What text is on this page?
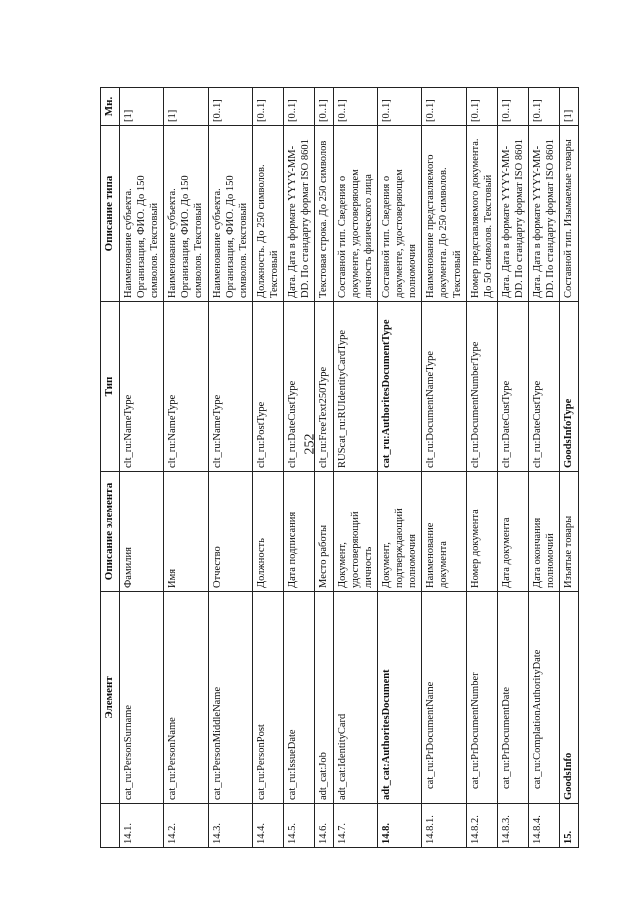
252
	Элемент	Описание элемента	Тип	Описание типа	Мн.
14.1.	cat_ru:PersonSurname	Фамилия	clt_ru:NameType	Наименование субъекта. Организация, ФИО. До 150 символов. Текстовый	[1]
14.2.	cat_ru:PersonName	Имя	clt_ru:NameType	Наименование субъекта. Организация, ФИО. До 150 символов. Текстовый	[1]
14.3.	cat_ru:PersonMiddleName	Отчество	clt_ru:NameType	Наименование субъекта. Организация, ФИО. До 150 символов. Текстовый	[0..1]
14.4.	cat_ru:PersonPost	Должность	clt_ru:PostType	Должность. До 250 символов. Текстовый	[0..1]
14.5.	cat_ru:IssueDate	Дата подписания	clt_ru:DateCustType	Дата. Дата в формате YYYY-MM-DD. По стандарту формат ISO 8601	[0..1]
14.6.	adt_cat:Job	Место работы	clt_ru:FreeText250Type	Текстовая строка. До 250 символов	[0..1]
14.7.	adt_cat:IdentityCard	Документ, удостоверяющий личность	RUScat_ru:RUIdentityCardType	Составной тип. Сведения о документе, удостоверяющем личность физического лица	[0..1]
14.8.	adt_cat:AuthoritesDocument	Документ, подтверждающий полномочия	cat_ru:AuthoritesDocumentType	Составной тип. Сведения о документе, удостоверяющем полномочия	[0..1]
14.8.1.	cat_ru:PrDocumentName	Наименование документа	clt_ru:DocumentNameType	Наименование представляемого документа. До 250 символов. Текстовый	[0..1]
14.8.2.	cat_ru:PrDocumentNumber	Номер документа	clt_ru:DocumentNumberType	Номер представляемого документа. До 50 символов. Текстовый	[0..1]
14.8.3.	cat_ru:PrDocumentDate	Дата документа	clt_ru:DateCustType	Дата. Дата в формате YYYY-MM-DD. По стандарту формат ISO 8601	[0..1]
14.8.4.	cat_ru:ComplationAuthorityDate	Дата окончания полномочий	clt_ru:DateCustType	Дата. Дата в формате YYYY-MM-DD. По стандарту формат ISO 8601	[0..1]
15.	GoodsInfo	Изъятые товары	GoodsInfoType	Составной тип. Изымаемые товары	[1]
